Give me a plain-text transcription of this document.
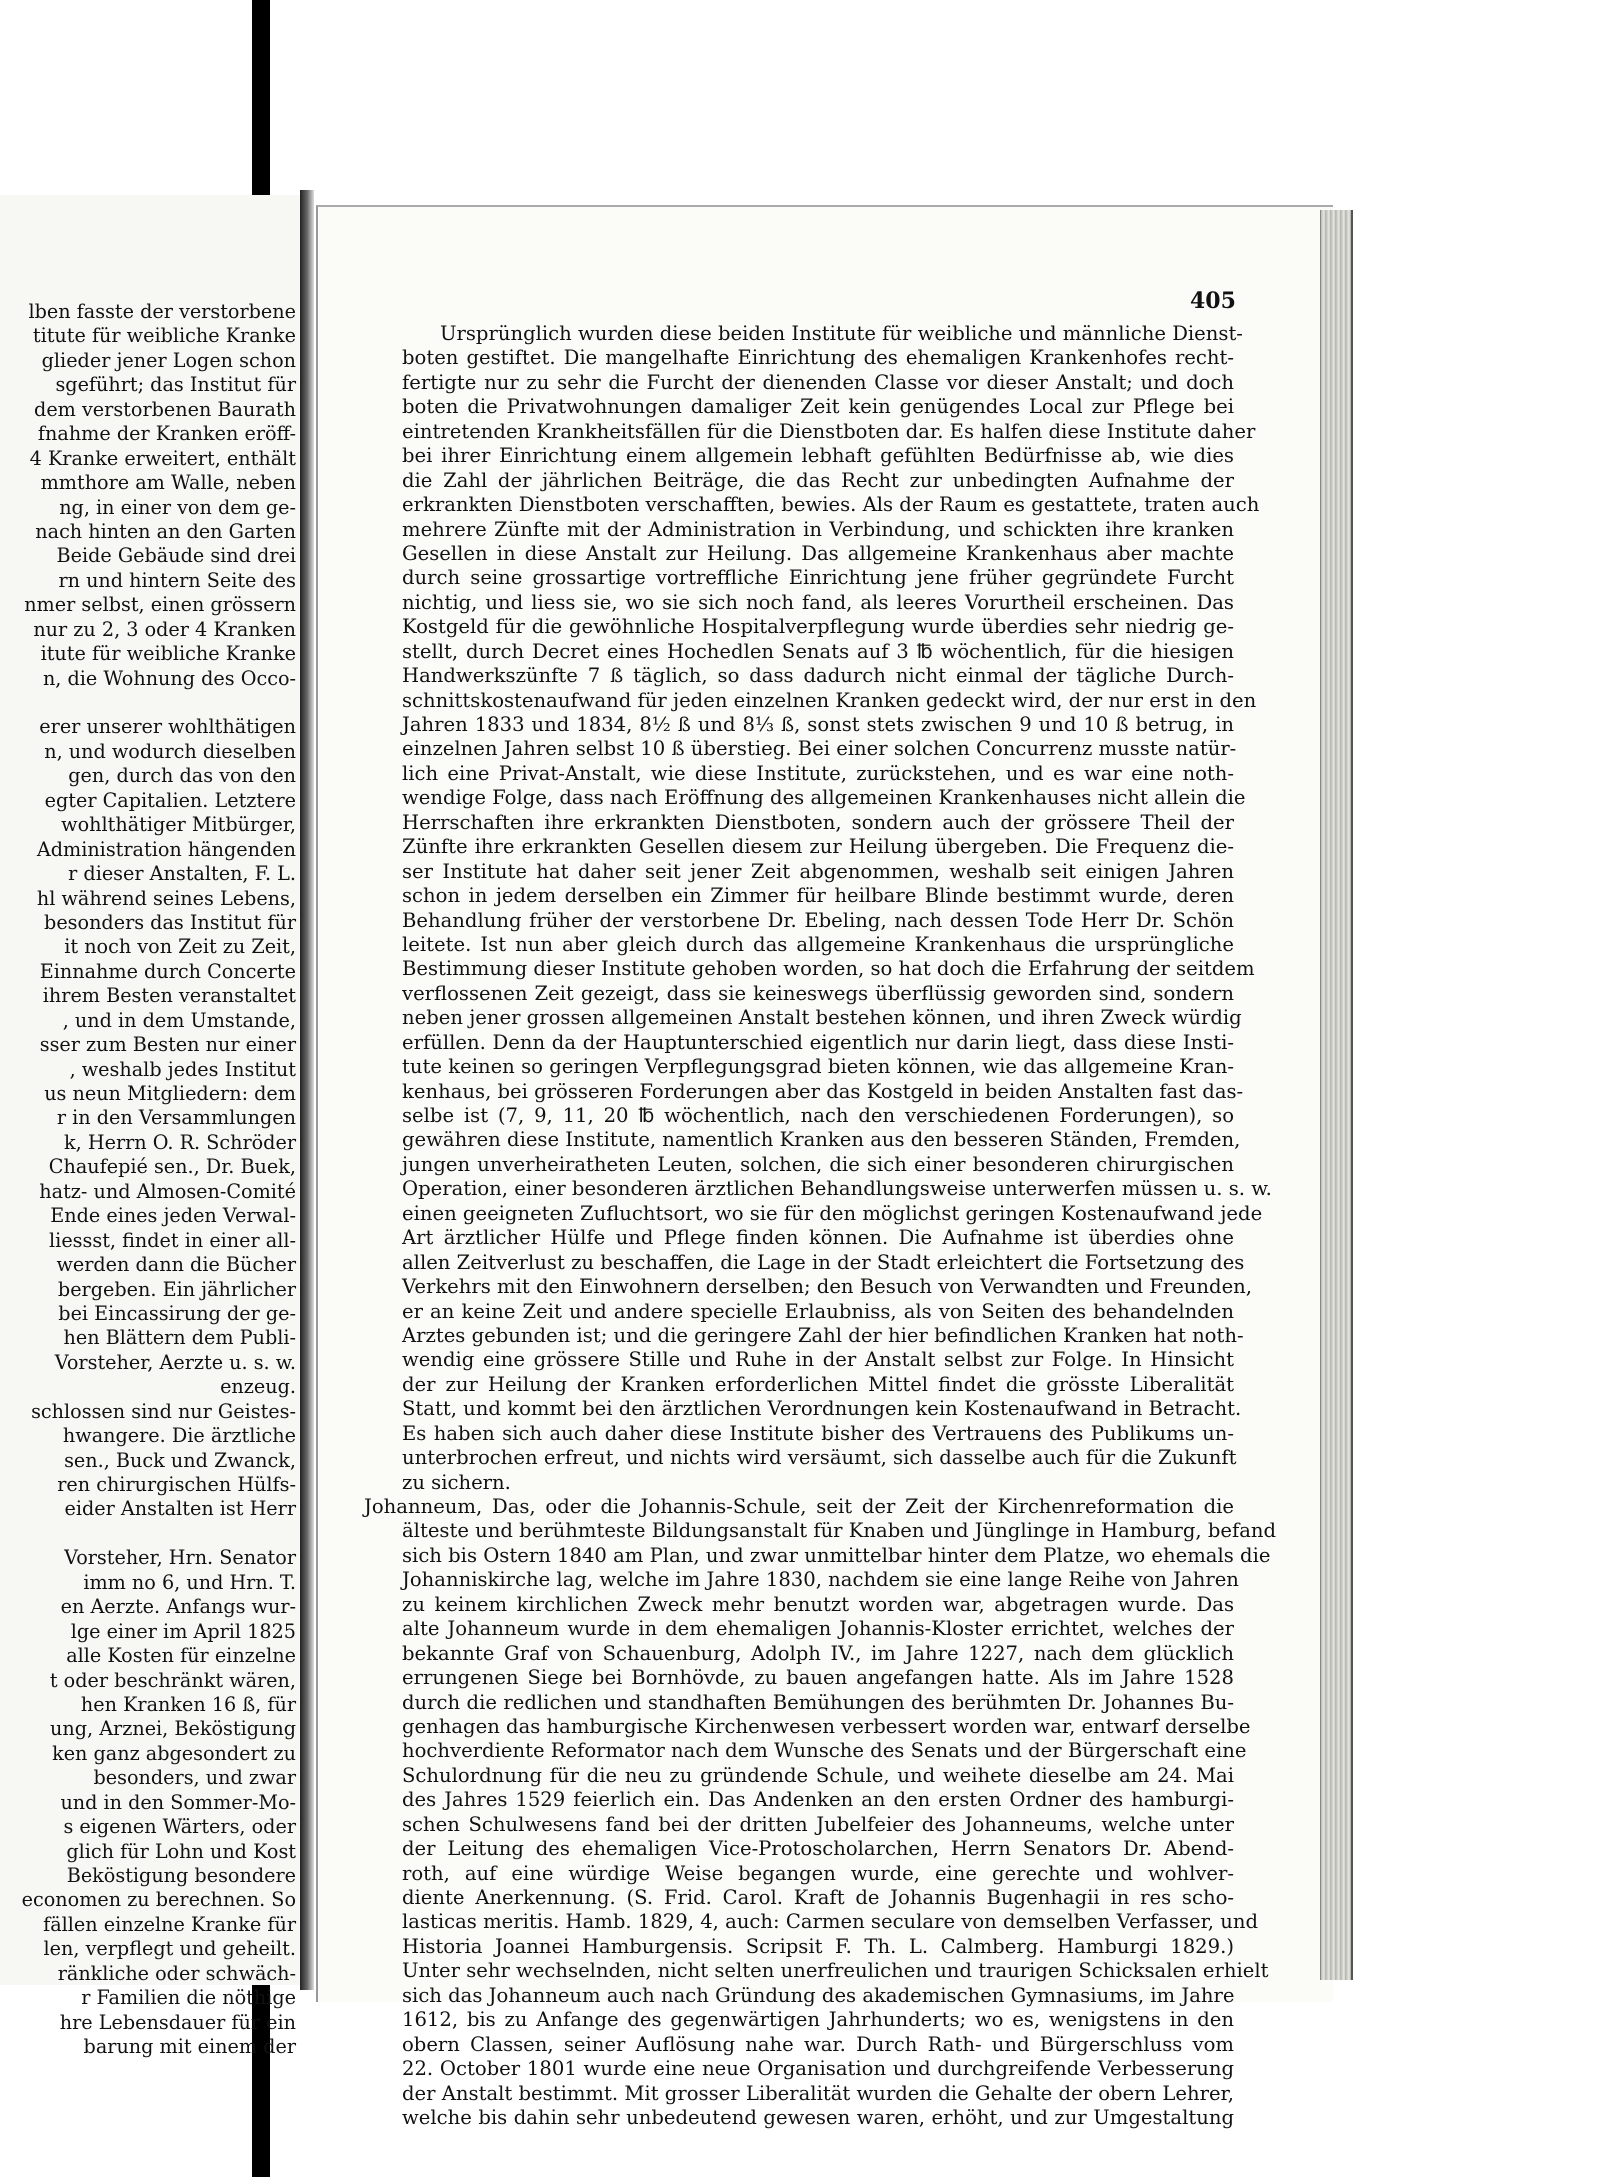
lben fasste der verstorbene
titute für weibliche Kranke
glieder jener Logen schon
sgeführt; das Institut für
dem verstorbenen Baurath
fnahme der Kranken eröff-
4 Kranke erweitert, enthält
mmthore am Walle, neben
ng, in einer von dem ge-
nach hinten an den Garten
Beide Gebäude sind drei
rn und hintern Seite des
nmer selbst, einen grössern
nur zu 2, 3 oder 4 Kranken
itute für weibliche Kranke
n, die Wohnung des Occo-

erer unserer wohlthätigen
n, und wodurch dieselben
gen, durch das von den
egter Capitalien. Letztere
wohlthätiger Mitbürger,
Administration hängenden
r dieser Anstalten, F. L.
hl während seines Lebens,
besonders das Institut für
it noch von Zeit zu Zeit,
Einnahme durch Concerte
ihrem Besten veranstaltet
, und in dem Umstande,
sser zum Besten nur einer
, weshalb jedes Institut
us neun Mitgliedern: dem
r in den Versammlungen
k, Herrn O. R. Schröder
Chaufepié sen., Dr. Buek,
hatz- und Almosen-Comité
Ende eines jeden Verwal-
liessst, findet in einer all-
werden dann die Bücher
bergeben. Ein jährlicher
bei Eincassirung der ge-
hen Blättern dem Publi-
Vorsteher, Aerzte u. s. w.
enzeug.
schlossen sind nur Geistes-
hwangere. Die ärztliche
sen., Buck und Zwanck,
ren chirurgischen Hülfs-
eider Anstalten ist Herr

Vorsteher, Hrn. Senator
imm no 6, und Hrn. T.
en Aerzte. Anfangs wur-
lge einer im April 1825
alle Kosten für einzelne
t oder beschränkt wären,
hen Kranken 16 ß, für
ung, Arznei, Beköstigung
ken ganz abgesondert zu
besonders, und zwar
und in den Sommer-Mo-
s eigenen Wärters, oder
glich für Lohn und Kost
Beköstigung besondere
economen zu berechnen. So
fällen einzelne Kranke für
len, verpflegt und geheilt.
ränkliche oder schwäch-
r Familien die nöthige
hre Lebensdauer für ein
barung mit einem der
405
Ursprünglich wurden diese beiden Institute für weibliche und männliche Dienst-
boten gestiftet. Die mangelhafte Einrichtung des ehemaligen Krankenhofes recht-
fertigte nur zu sehr die Furcht der dienenden Classe vor dieser Anstalt; und doch
boten die Privatwohnungen damaliger Zeit kein genügendes Local zur Pflege bei
eintretenden Krankheitsfällen für die Dienstboten dar. Es halfen diese Institute daher
bei ihrer Einrichtung einem allgemein lebhaft gefühlten Bedürfnisse ab, wie dies
die Zahl der jährlichen Beiträge, die das Recht zur unbedingten Aufnahme der
erkrankten Dienstboten verschafften, bewies. Als der Raum es gestattete, traten auch
mehrere Zünfte mit der Administration in Verbindung, und schickten ihre kranken
Gesellen in diese Anstalt zur Heilung. Das allgemeine Krankenhaus aber machte
durch seine grossartige vortreffliche Einrichtung jene früher gegründete Furcht
nichtig, und liess sie, wo sie sich noch fand, als leeres Vorurtheil erscheinen. Das
Kostgeld für die gewöhnliche Hospitalverpflegung wurde überdies sehr niedrig ge-
stellt, durch Decret eines Hochedlen Senats auf 3 ℔ wöchentlich, für die hiesigen
Handwerkszünfte 7 ß täglich, so dass dadurch nicht einmal der tägliche Durch-
schnittskostenaufwand für jeden einzelnen Kranken gedeckt wird, der nur erst in den
Jahren 1833 und 1834, 8½ ß und 8⅓ ß, sonst stets zwischen 9 und 10 ß betrug, in
einzelnen Jahren selbst 10 ß überstieg. Bei einer solchen Concurrenz musste natür-
lich eine Privat-Anstalt, wie diese Institute, zurückstehen, und es war eine noth-
wendige Folge, dass nach Eröffnung des allgemeinen Krankenhauses nicht allein die
Herrschaften ihre erkrankten Dienstboten, sondern auch der grössere Theil der
Zünfte ihre erkrankten Gesellen diesem zur Heilung übergeben. Die Frequenz die-
ser Institute hat daher seit jener Zeit abgenommen, weshalb seit einigen Jahren
schon in jedem derselben ein Zimmer für heilbare Blinde bestimmt wurde, deren
Behandlung früher der verstorbene Dr. Ebeling, nach dessen Tode Herr Dr. Schön
leitete. Ist nun aber gleich durch das allgemeine Krankenhaus die ursprüngliche
Bestimmung dieser Institute gehoben worden, so hat doch die Erfahrung der seitdem
verflossenen Zeit gezeigt, dass sie keineswegs überflüssig geworden sind, sondern
neben jener grossen allgemeinen Anstalt bestehen können, und ihren Zweck würdig
erfüllen. Denn da der Hauptunterschied eigentlich nur darin liegt, dass diese Insti-
tute keinen so geringen Verpflegungsgrad bieten können, wie das allgemeine Kran-
kenhaus, bei grösseren Forderungen aber das Kostgeld in beiden Anstalten fast das-
selbe ist (7, 9, 11, 20 ℔ wöchentlich, nach den verschiedenen Forderungen), so
gewähren diese Institute, namentlich Kranken aus den besseren Ständen, Fremden,
jungen unverheiratheten Leuten, solchen, die sich einer besonderen chirurgischen
Operation, einer besonderen ärztlichen Behandlungsweise unterwerfen müssen u. s. w.
einen geeigneten Zufluchtsort, wo sie für den möglichst geringen Kostenaufwand jede
Art ärztlicher Hülfe und Pflege finden können. Die Aufnahme ist überdies ohne
allen Zeitverlust zu beschaffen, die Lage in der Stadt erleichtert die Fortsetzung des
Verkehrs mit den Einwohnern derselben; den Besuch von Verwandten und Freunden,
er an keine Zeit und andere specielle Erlaubniss, als von Seiten des behandelnden
Arztes gebunden ist; und die geringere Zahl der hier befindlichen Kranken hat noth-
wendig eine grössere Stille und Ruhe in der Anstalt selbst zur Folge. In Hinsicht
der zur Heilung der Kranken erforderlichen Mittel findet die grösste Liberalität
Statt, und kommt bei den ärztlichen Verordnungen kein Kostenaufwand in Betracht.
Es haben sich auch daher diese Institute bisher des Vertrauens des Publikums un-
unterbrochen erfreut, und nichts wird versäumt, sich dasselbe auch für die Zukunft
zu sichern.
Johanneum, Das, oder die Johannis-Schule, seit der Zeit der Kirchenreformation die
älteste und berühmteste Bildungsanstalt für Knaben und Jünglinge in Hamburg, befand
sich bis Ostern 1840 am Plan, und zwar unmittelbar hinter dem Platze, wo ehemals die
Johanniskirche lag, welche im Jahre 1830, nachdem sie eine lange Reihe von Jahren
zu keinem kirchlichen Zweck mehr benutzt worden war, abgetragen wurde. Das
alte Johanneum wurde in dem ehemaligen Johannis-Kloster errichtet, welches der
bekannte Graf von Schauenburg, Adolph IV., im Jahre 1227, nach dem glücklich
errungenen Siege bei Bornhövde, zu bauen angefangen hatte. Als im Jahre 1528
durch die redlichen und standhaften Bemühungen des berühmten Dr. Johannes Bu-
genhagen das hamburgische Kirchenwesen verbessert worden war, entwarf derselbe
hochverdiente Reformator nach dem Wunsche des Senats und der Bürgerschaft eine
Schulordnung für die neu zu gründende Schule, und weihete dieselbe am 24. Mai
des Jahres 1529 feierlich ein. Das Andenken an den ersten Ordner des hamburgi-
schen Schulwesens fand bei der dritten Jubelfeier des Johanneums, welche unter
der Leitung des ehemaligen Vice-Protoscholarchen, Herrn Senators Dr. Abend-
roth, auf eine würdige Weise begangen wurde, eine gerechte und wohlver-
diente Anerkennung. (S. Frid. Carol. Kraft de Johannis Bugenhagii in res scho-
lasticas meritis. Hamb. 1829, 4, auch: Carmen seculare von demselben Verfasser, und
Historia Joannei Hamburgensis. Scripsit F. Th. L. Calmberg. Hamburgi 1829.)
Unter sehr wechselnden, nicht selten unerfreulichen und traurigen Schicksalen erhielt
sich das Johanneum auch nach Gründung des akademischen Gymnasiums, im Jahre
1612, bis zu Anfange des gegenwärtigen Jahrhunderts; wo es, wenigstens in den
obern Classen, seiner Auflösung nahe war. Durch Rath- und Bürgerschluss vom
22. October 1801 wurde eine neue Organisation und durchgreifende Verbesserung
der Anstalt bestimmt. Mit grosser Liberalität wurden die Gehalte der obern Lehrer,
welche bis dahin sehr unbedeutend gewesen waren, erhöht, und zur Umgestaltung
